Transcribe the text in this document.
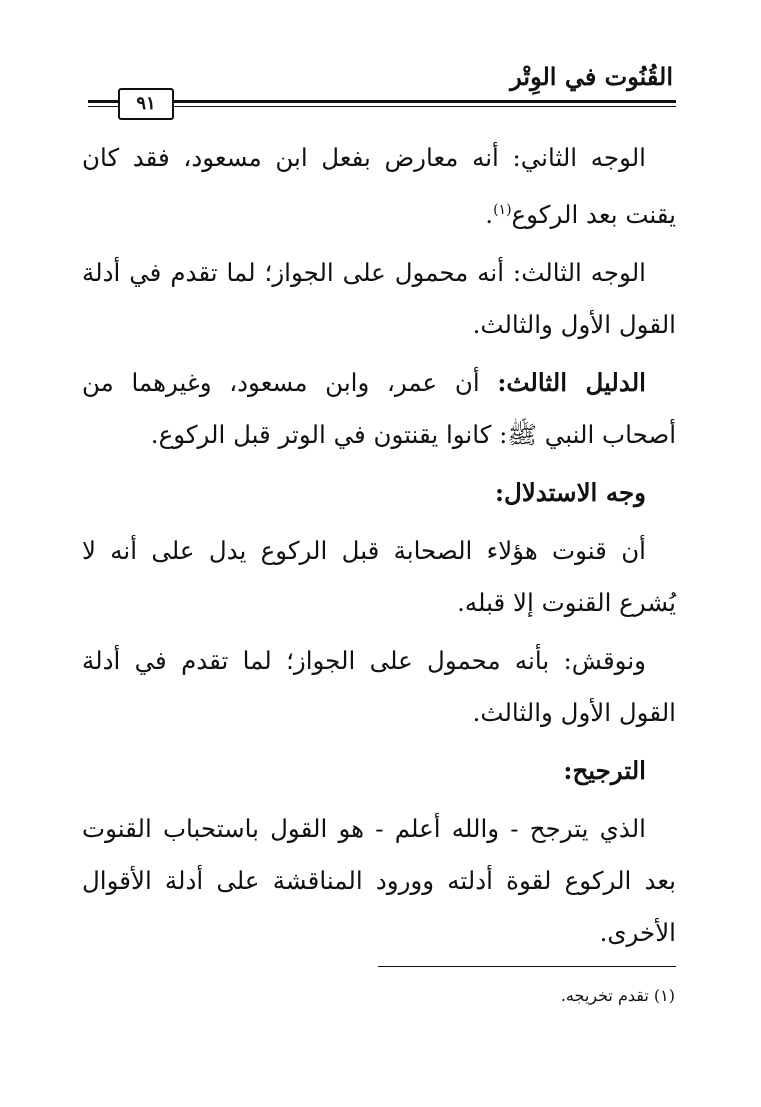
القُنُوت في الوِتْر
٩١

الوجه الثاني: أنه معارض بفعل ابن مسعود، فقد كان يقنت بعد الركوع$^{(١)}$.

الوجه الثالث: أنه محمول على الجواز؛ لما تقدم في أدلة القول الأول والثالث.

الدليل الثالث: أن عمر، وابن مسعود، وغيرهما من أصحاب النبي ﷺ: كانوا يقنتون في الوتر قبل الركوع.

وجه الاستدلال:

أن قنوت هؤلاء الصحابة قبل الركوع يدل على أنه لا يُشرع القنوت إلا قبله.

ونوقش: بأنه محمول على الجواز؛ لما تقدم في أدلة القول الأول والثالث.

الترجيح:

الذي يترجح - والله أعلم - هو القول باستحباب القنوت بعد الركوع لقوة أدلته وورود المناقشة على أدلة الأقوال الأخرى.

(١) تقدم تخريجه.
